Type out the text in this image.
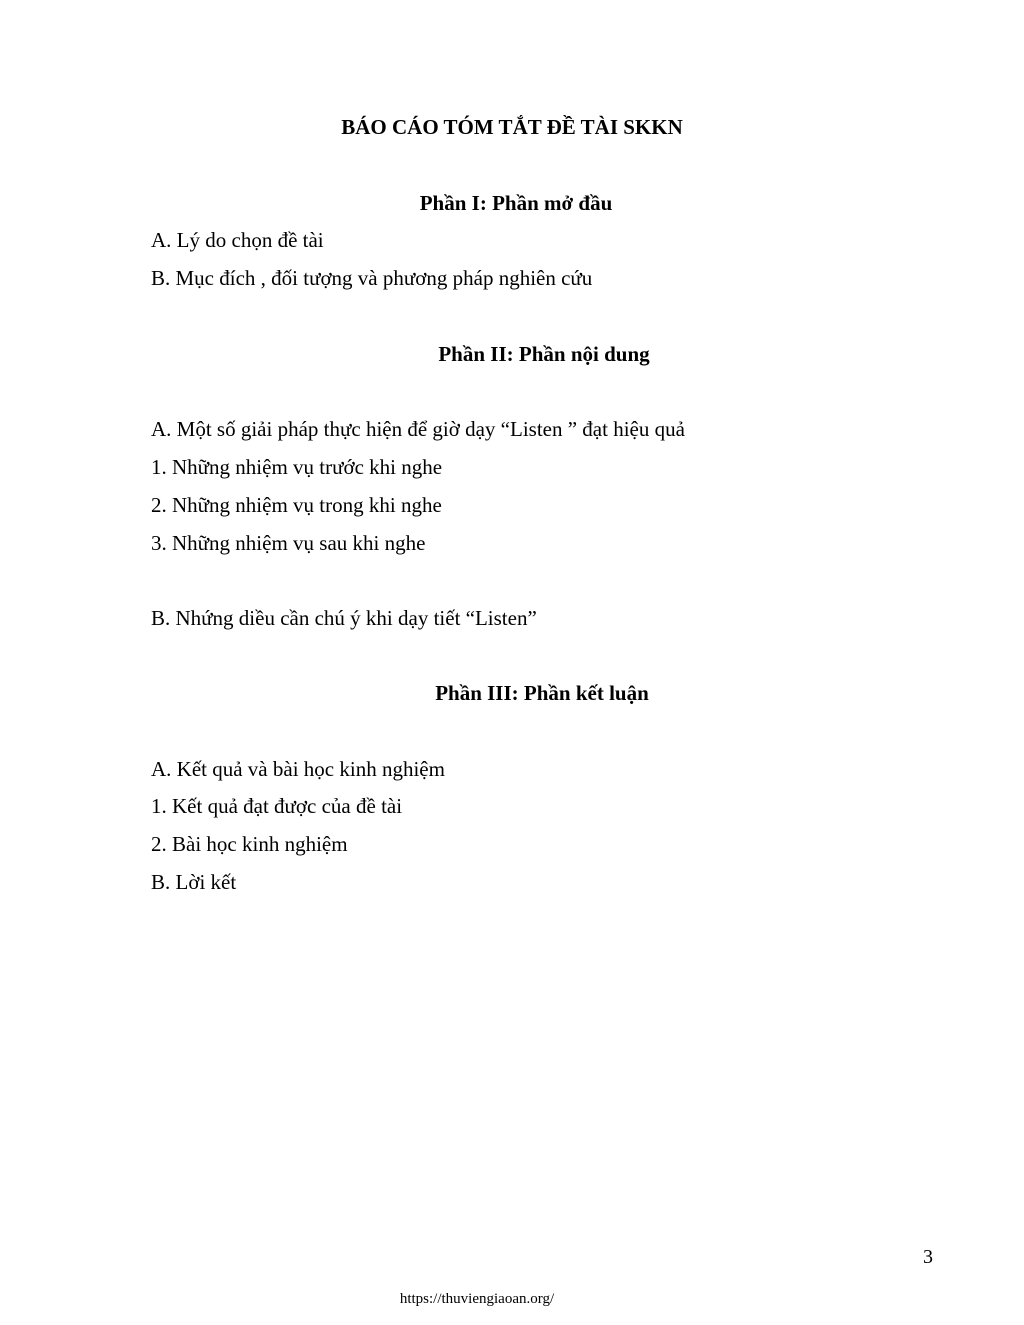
BÁO CÁO TÓM TẮT ĐỀ TÀI SKKN
Phần I: Phần mở đầu
A. Lý do chọn đề tài
B. Mục đích , đối tượng và phương pháp nghiên cứu
Phần II: Phần nội dung
A. Một số giải pháp thực hiện để giờ dạy “Listen ” đạt hiệu quả
1. Những nhiệm vụ trước khi nghe
2. Những nhiệm vụ trong khi nghe
3. Những nhiệm vụ sau khi nghe
B. Nhứng diều cần chú ý khi dạy tiết “Listen”
Phần III: Phần kết luận
A. Kết quả và bài học kinh nghiệm
1. Kết quả đạt được của đề tài
2. Bài học kinh nghiệm
B. Lời kết
3
https://thuviengiaoan.org/
